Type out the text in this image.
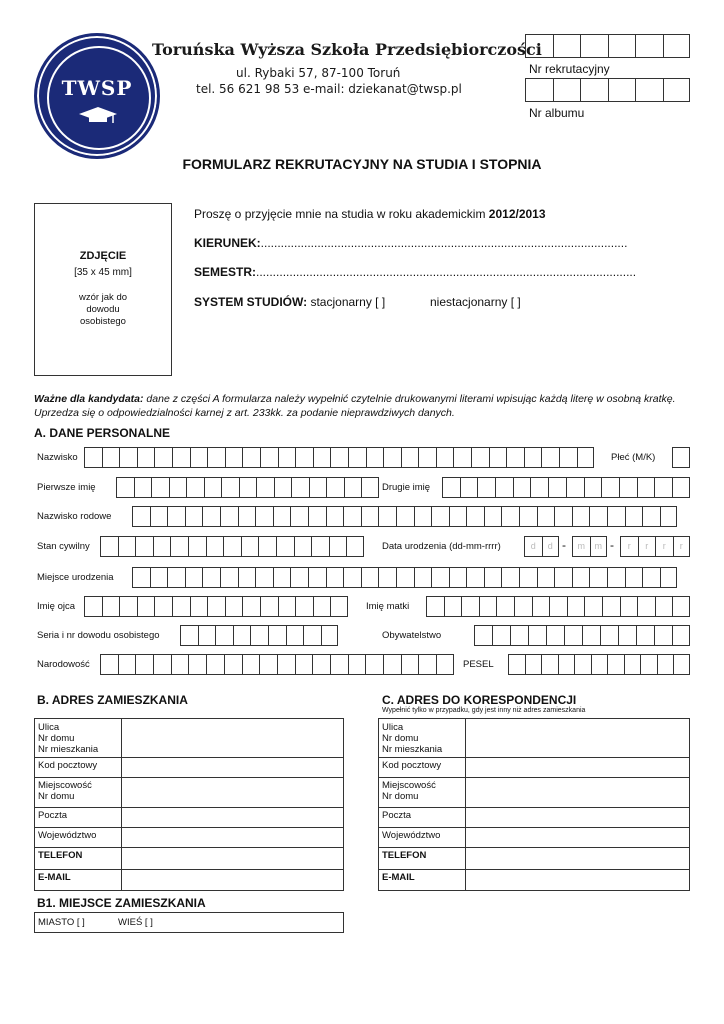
TWSP
Toruńska Wyższa Szkoła Przedsiębiorczości
ul. Rybaki 57, 87-100 Toruń
tel. 56 621 98 53 e-mail: dziekanat@twsp.pl
Nr rekrutacyjny
Nr albumu
FORMULARZ REKRUTACYJNY NA STUDIA I STOPNIA
ZDJĘCIE
[35 x 45 mm]
wzór jak do dowodu osobistego
Proszę o przyjęcie mnie na studia w roku akademickim 2012/2013
KIERUNEK:..............................................................................................................
SEMESTR:..................................................................................................................
SYSTEM STUDIÓW: stacjonarny [ ]	niestacjonarny [ ]
Ważne dla kandydata: dane z części A formularza należy wypełnić czytelnie drukowanymi literami wpisując każdą literę w osobną kratkę. Uprzedza się o odpowiedzialności karnej z art. 233kk. za podanie nieprawdziwych danych.
A. DANE PERSONALNE
Nazwisko	Płeć (M/K)
Pierwsze imię	Drugie imię
Nazwisko rodowe
Stan cywilny	Data urodzenia (dd-mm-rrrr)	d	d -	m	m -	r	r	r	r
Miejsce urodzenia
Imię ojca	Imię matki
Seria i nr dowodu osobistego	Obywatelstwo
Narodowość	PESEL
B. ADRES ZAMIESZKANIA
Ulica
Nr domu
Nr mieszkania
Kod pocztowy
Miejscowość
Nr domu
Poczta
Województwo
TELEFON
E-MAIL
C. ADRES DO KORESPONDENCJI
Wypełnić tylko w przypadku, gdy jest inny niż adres zamieszkania
Ulica
Nr domu
Nr mieszkania
Kod pocztowy
Miejscowość
Nr domu
Poczta
Województwo
TELEFON
E-MAIL
B1. MIEJSCE ZAMIESZKANIA
MIASTO [ ]	WIEŚ [ ]
